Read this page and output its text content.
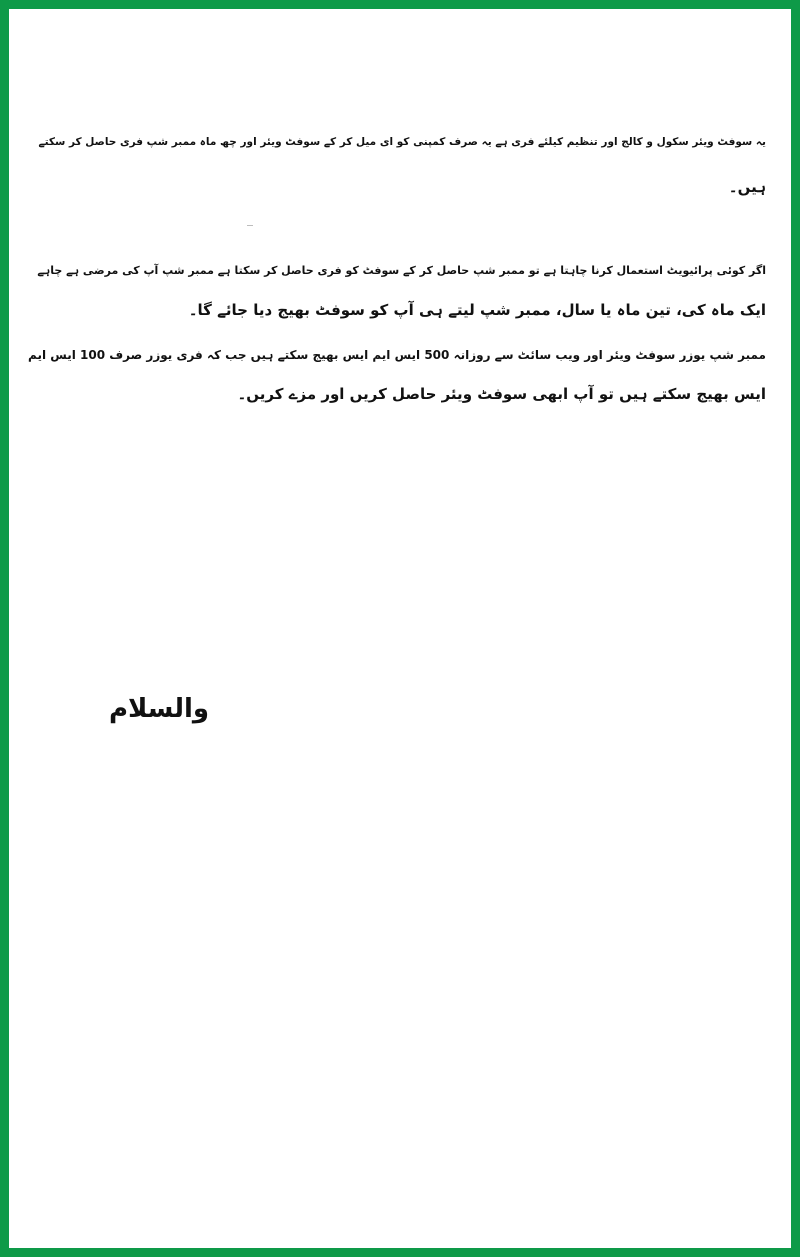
یہ سوفٹ ویئر سکول و کالج اور تنظیم کیلئے فری ہے یہ صرف کمپنی کو ای میل کر کے سوفٹ ویئر اور چھ ماہ ممبر شپ فری حاصل کر سکتے
ہیں۔
اگر کوئی پرائیویٹ استعمال کرنا چاہتا ہے تو ممبر شپ حاصل کر کے سوفٹ کو فری حاصل کر سکتا ہے ممبر شپ آپ کی مرضی ہے چاہے
ایک ماہ کی، تین ماہ یا سال، ممبر شپ لیتے ہی آپ کو سوفٹ بھیج دیا جائے گا۔
ممبر شپ یوزر سوفٹ ویئر اور ویب سائٹ سے روزانہ 500 ایس ایم ایس بھیج سکتے ہیں جب کہ فری یوزر صرف 100 ایس ایم
ایس بھیج سکتے ہیں تو آپ ابھی سوفٹ ویئر حاصل کریں اور مزے کریں۔
والسلام
